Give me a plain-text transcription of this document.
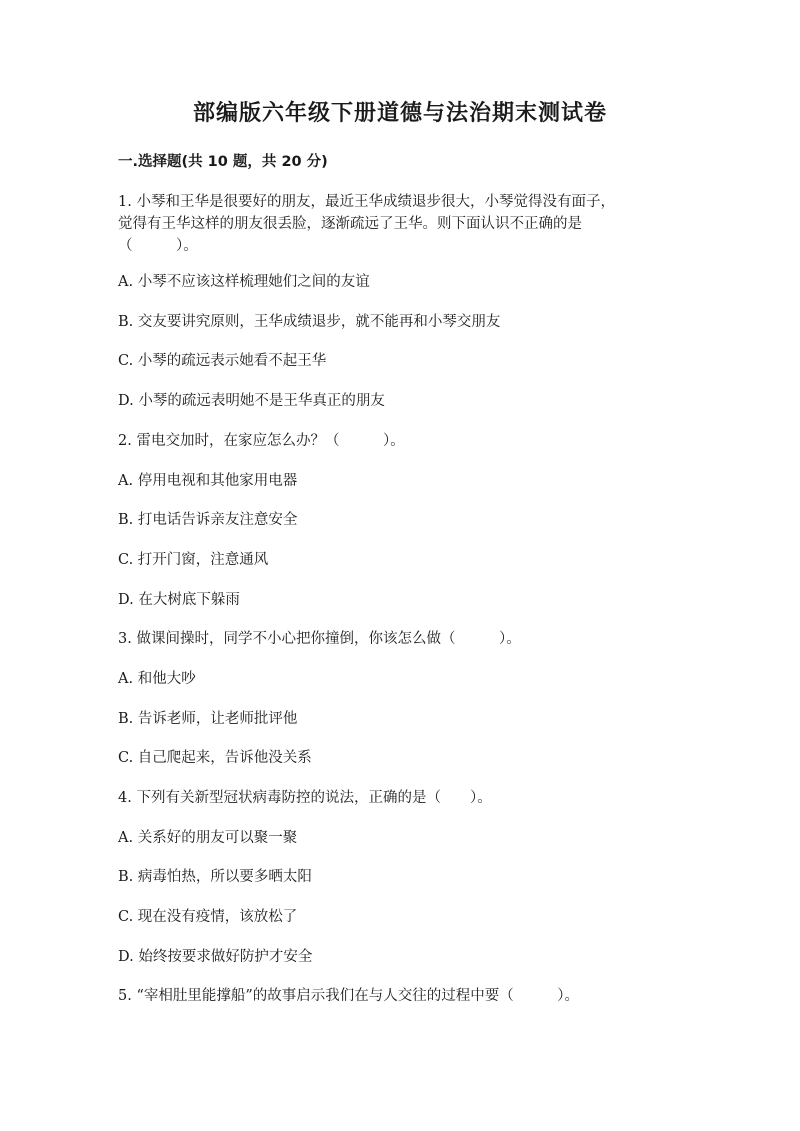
部编版六年级下册道德与法治期末测试卷
一.选择题(共 10 题，共 20 分)
1. 小琴和王华是很要好的朋友，最近王华成绩退步很大，小琴觉得没有面子，
觉得有王华这样的朋友很丢脸，逐渐疏远了王华。则下面认识不正确的是
（　　　）。
A. 小琴不应该这样梳理她们之间的友谊
B. 交友要讲究原则，王华成绩退步，就不能再和小琴交朋友
C. 小琴的疏远表示她看不起王华
D. 小琴的疏远表明她不是王华真正的朋友
2. 雷电交加时，在家应怎么办？（　　　）。
A. 停用电视和其他家用电器
B. 打电话告诉亲友注意安全
C. 打开门窗，注意通风
D. 在大树底下躲雨
3. 做课间操时，同学不小心把你撞倒，你该怎么做（　　　）。
A. 和他大吵
B. 告诉老师，让老师批评他
C. 自己爬起来，告诉他没关系
4. 下列有关新型冠状病毒防控的说法，正确的是（　　）。
A. 关系好的朋友可以聚一聚
B. 病毒怕热，所以要多晒太阳
C. 现在没有疫情，该放松了
D. 始终按要求做好防护才安全
5. “宰相肚里能撑船”的故事启示我们在与人交往的过程中要（　　　）。
